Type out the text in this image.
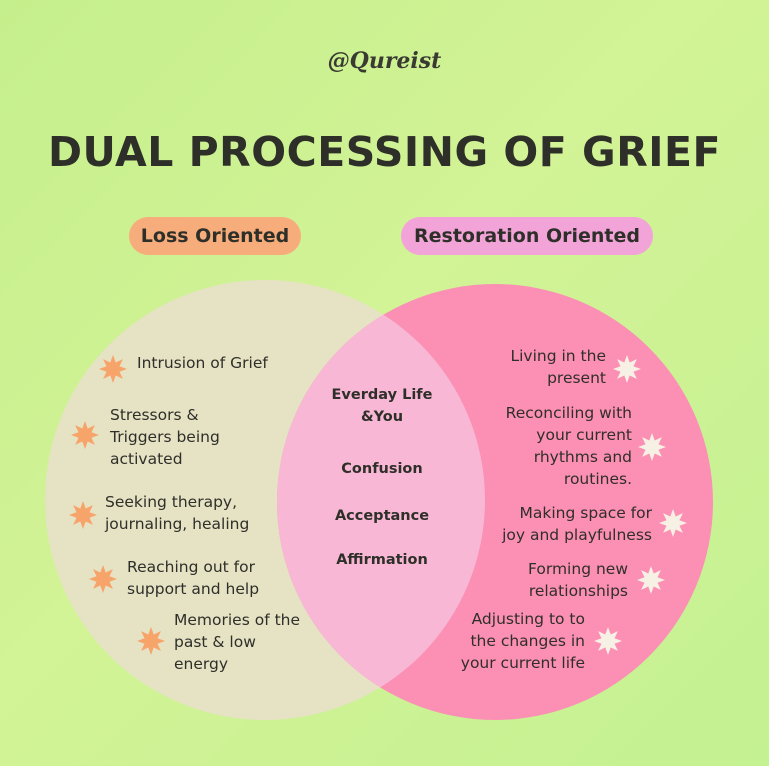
@Qureist
DUAL PROCESSING OF GRIEF
Loss Oriented	Restoration Oriented
Intrusion of Grief
Stressors &
Triggers being
activated
Seeking therapy,
journaling, healing
Reaching out for
support and help
Memories of the
past & low
energy
Everday Life
&You
Confusion
Acceptance
Affirmation
Living in the
present
Reconciling with
your current
rhythms and
routines.
Making space for
joy and playfulness
Forming new
relationships
Adjusting to to
the changes in
your current life
